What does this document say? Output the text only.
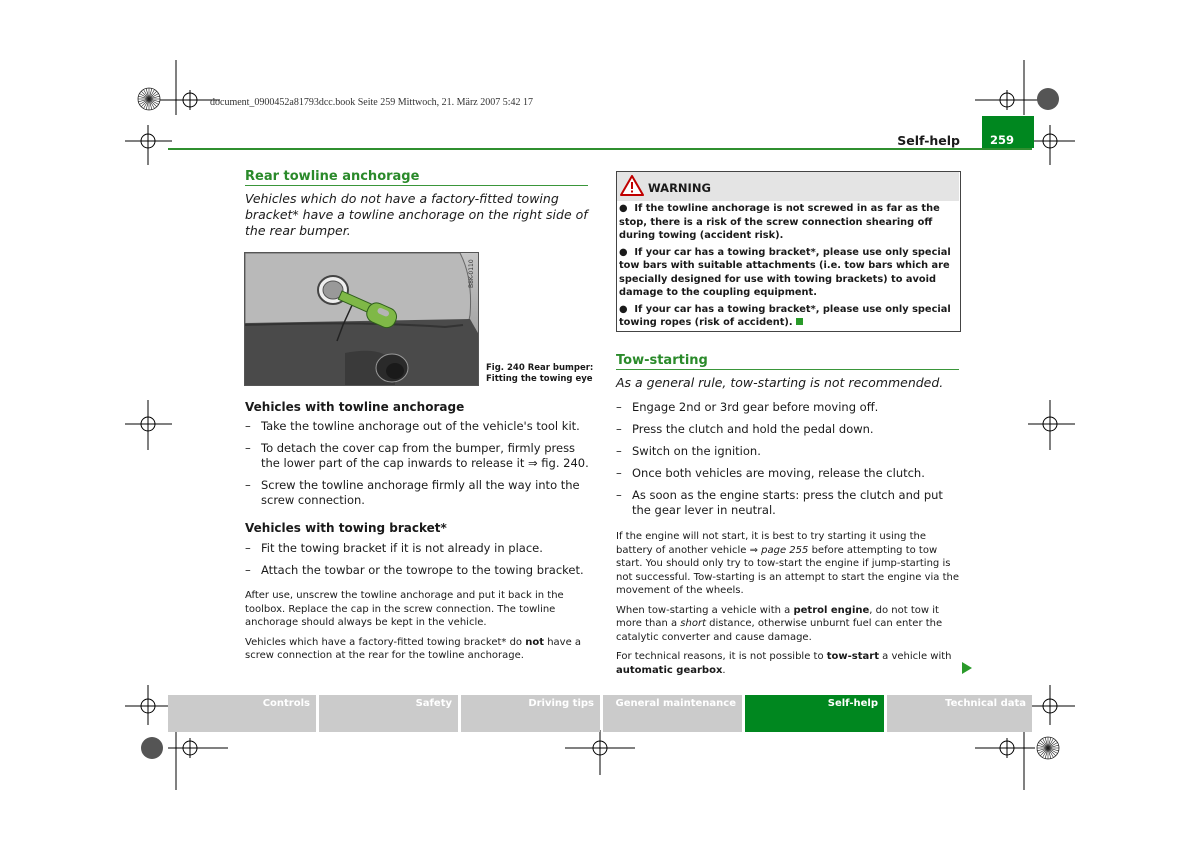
document_0900452a81793dcc.book Seite 259 Mittwoch, 21. März 2007 5:42 17
Self-help	259
Rear towline anchorage
Vehicles which do not have a factory-fitted towing bracket* have a towline anchorage on the right side of the rear bumper.
B8K-0110
Fig. 240 Rear bumper:
Fitting the towing eye
Vehicles with towline anchorage
– Take the towline anchorage out of the vehicle's tool kit.
– To detach the cover cap from the bumper, firmly press the lower part of the cap inwards to release it ⇒ fig. 240.
– Screw the towline anchorage firmly all the way into the screw connection.
Vehicles with towing bracket*
– Fit the towing bracket if it is not already in place.
– Attach the towbar or the towrope to the towing bracket.

After use, unscrew the towline anchorage and put it back in the toolbox. Replace the cap in the screw connection. The towline anchorage should always be kept in the vehicle.

Vehicles which have a factory-fitted towing bracket* do not have a screw connection at the rear for the towline anchorage.

WARNING

●  If the towline anchorage is not screwed in as far as the stop, there is a risk of the screw connection shearing off during towing (accident risk).

●  If your car has a towing bracket*, please use only special tow bars with suitable attachments (i.e. tow bars which are specially designed for use with towing brackets) to avoid damage to the coupling equipment.

●  If your car has a towing bracket*, please use only special towing ropes (risk of accident).

Tow-starting
As a general rule, tow-starting is not recommended.
– Engage 2nd or 3rd gear before moving off.
– Press the clutch and hold the pedal down.
– Switch on the ignition.
– Once both vehicles are moving, release the clutch.
– As soon as the engine starts: press the clutch and put the gear lever in neutral.

If the engine will not start, it is best to try starting it using the battery of another vehicle ⇒ page 255 before attempting to tow start. You should only try to tow-start the engine if jump-starting is not successful. Tow-starting is an attempt to start the engine via the movement of the wheels.

When tow-starting a vehicle with a petrol engine, do not tow it more than a short distance, otherwise unburnt fuel can enter the catalytic converter and cause damage.

For technical reasons, it is not possible to tow-start a vehicle with automatic gearbox.

Controls	Safety	Driving tips	General maintenance	Self-help	Technical data
